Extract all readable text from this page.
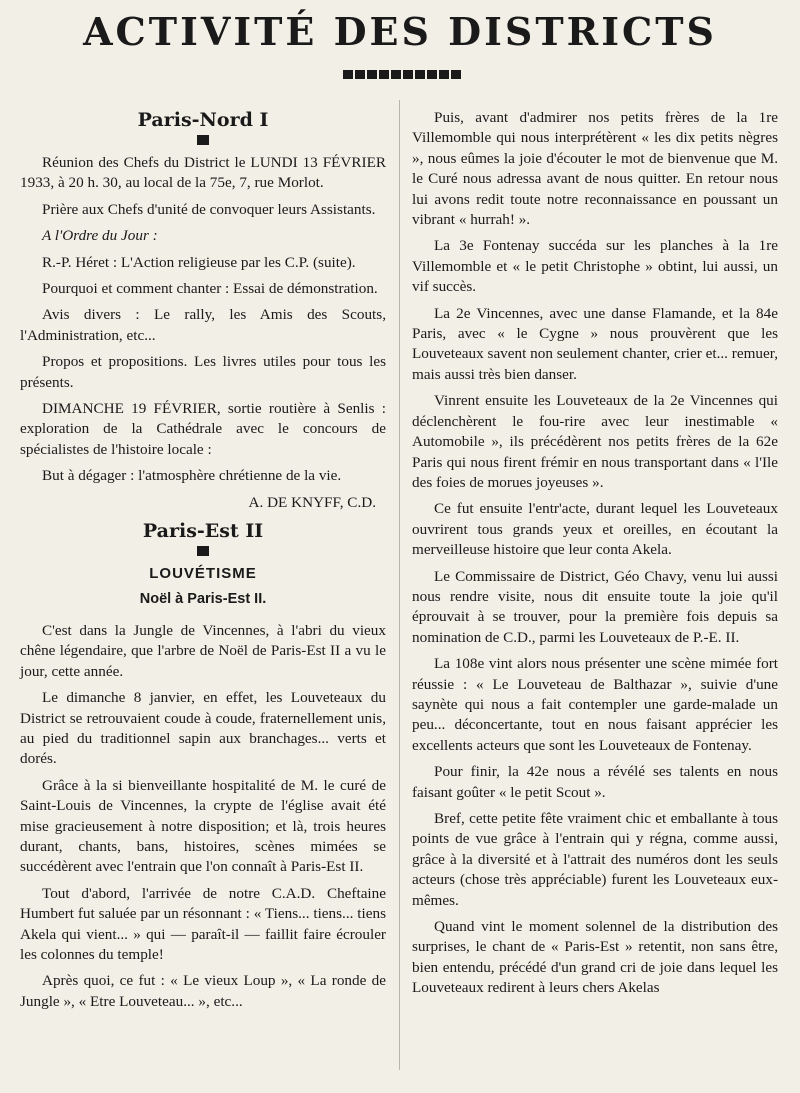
ACTIVITÉ DES DISTRICTS
Paris-Nord I

Réunion des Chefs du District le LUNDI 13 FÉVRIER 1933, à 20 h. 30, au local de la 75e, 7, rue Morlot.

Prière aux Chefs d'unité de convoquer leurs Assistants.

A l'Ordre du Jour :

R.-P. Héret : L'Action religieuse par les C.P. (suite).

Pourquoi et comment chanter : Essai de démonstration.

Avis divers : Le rally, les Amis des Scouts, l'Administration, etc...

Propos et propositions. Les livres utiles pour tous les présents.

DIMANCHE 19 FÉVRIER, sortie routière à Senlis : exploration de la Cathédrale avec le concours de spécialistes de l'histoire locale :

But à dégager : l'atmosphère chrétienne de la vie.

A. DE KNYFF, C.D.

Paris-Est II
LOUVÉTISME
Noël à Paris-Est II.

C'est dans la Jungle de Vincennes, à l'abri du vieux chêne légendaire, que l'arbre de Noël de Paris-Est II a vu le jour, cette année.

Le dimanche 8 janvier, en effet, les Louveteaux du District se retrouvaient coude à coude, fraternellement unis, au pied du traditionnel sapin aux branchages... verts et dorés.

Grâce à la si bienveillante hospitalité de M. le curé de Saint-Louis de Vincennes, la crypte de l'église avait été mise gracieusement à notre disposition; et là, trois heures durant, chants, bans, histoires, scènes mimées se succédèrent avec l'entrain que l'on connaît à Paris-Est II.

Tout d'abord, l'arrivée de notre C.A.D. Cheftaine Humbert fut saluée par un résonnant : « Tiens... tiens... tiens Akela qui vient... » qui — paraît-il — faillit faire écrouler les colonnes du temple!

Après quoi, ce fut : « Le vieux Loup », « La ronde de Jungle », « Etre Louveteau... », etc...

Puis, avant d'admirer nos petits frères de la 1re Villemomble qui nous interprétèrent « les dix petits nègres », nous eûmes la joie d'écouter le mot de bienvenue que M. le Curé nous adressa avant de nous quitter. En retour nous lui avons redit toute notre reconnaissance en poussant un vibrant « hurrah! ».

La 3e Fontenay succéda sur les planches à la 1re Villemomble et « le petit Christophe » obtint, lui aussi, un vif succès.

La 2e Vincennes, avec une danse Flamande, et la 84e Paris, avec « le Cygne » nous prouvèrent que les Louveteaux savent non seulement chanter, crier et... remuer, mais aussi très bien danser.

Vinrent ensuite les Louveteaux de la 2e Vincennes qui déclenchèrent le fou-rire avec leur inestimable « Automobile », ils précédèrent nos petits frères de la 62e Paris qui nous firent frémir en nous transportant dans « l'Ile des foies de morues joyeuses ».

Ce fut ensuite l'entr'acte, durant lequel les Louveteaux ouvrirent tous grands yeux et oreilles, en écoutant la merveilleuse histoire que leur conta Akela.

Le Commissaire de District, Géo Chavy, venu lui aussi nous rendre visite, nous dit ensuite toute la joie qu'il éprouvait à se trouver, pour la première fois depuis sa nomination de C.D., parmi les Louveteaux de P.-E. II.

La 108e vint alors nous présenter une scène mimée fort réussie : « Le Louveteau de Balthazar », suivie d'une saynète qui nous a fait contempler une garde-malade un peu... déconcertante, tout en nous faisant apprécier les excellents acteurs que sont les Louveteaux de Fontenay.

Pour finir, la 42e nous a révélé ses talents en nous faisant goûter « le petit Scout ».

Bref, cette petite fête vraiment chic et emballante à tous points de vue grâce à l'entrain qui y régna, comme aussi, grâce à la diversité et à l'attrait des numéros dont les seuls acteurs (chose très appréciable) furent les Louveteaux eux-mêmes.

Quand vint le moment solennel de la distribution des surprises, le chant de « Paris-Est » retentit, non sans être, bien entendu, précédé d'un grand cri de joie dans lequel les Louveteaux redirent à leurs chers Akelas
